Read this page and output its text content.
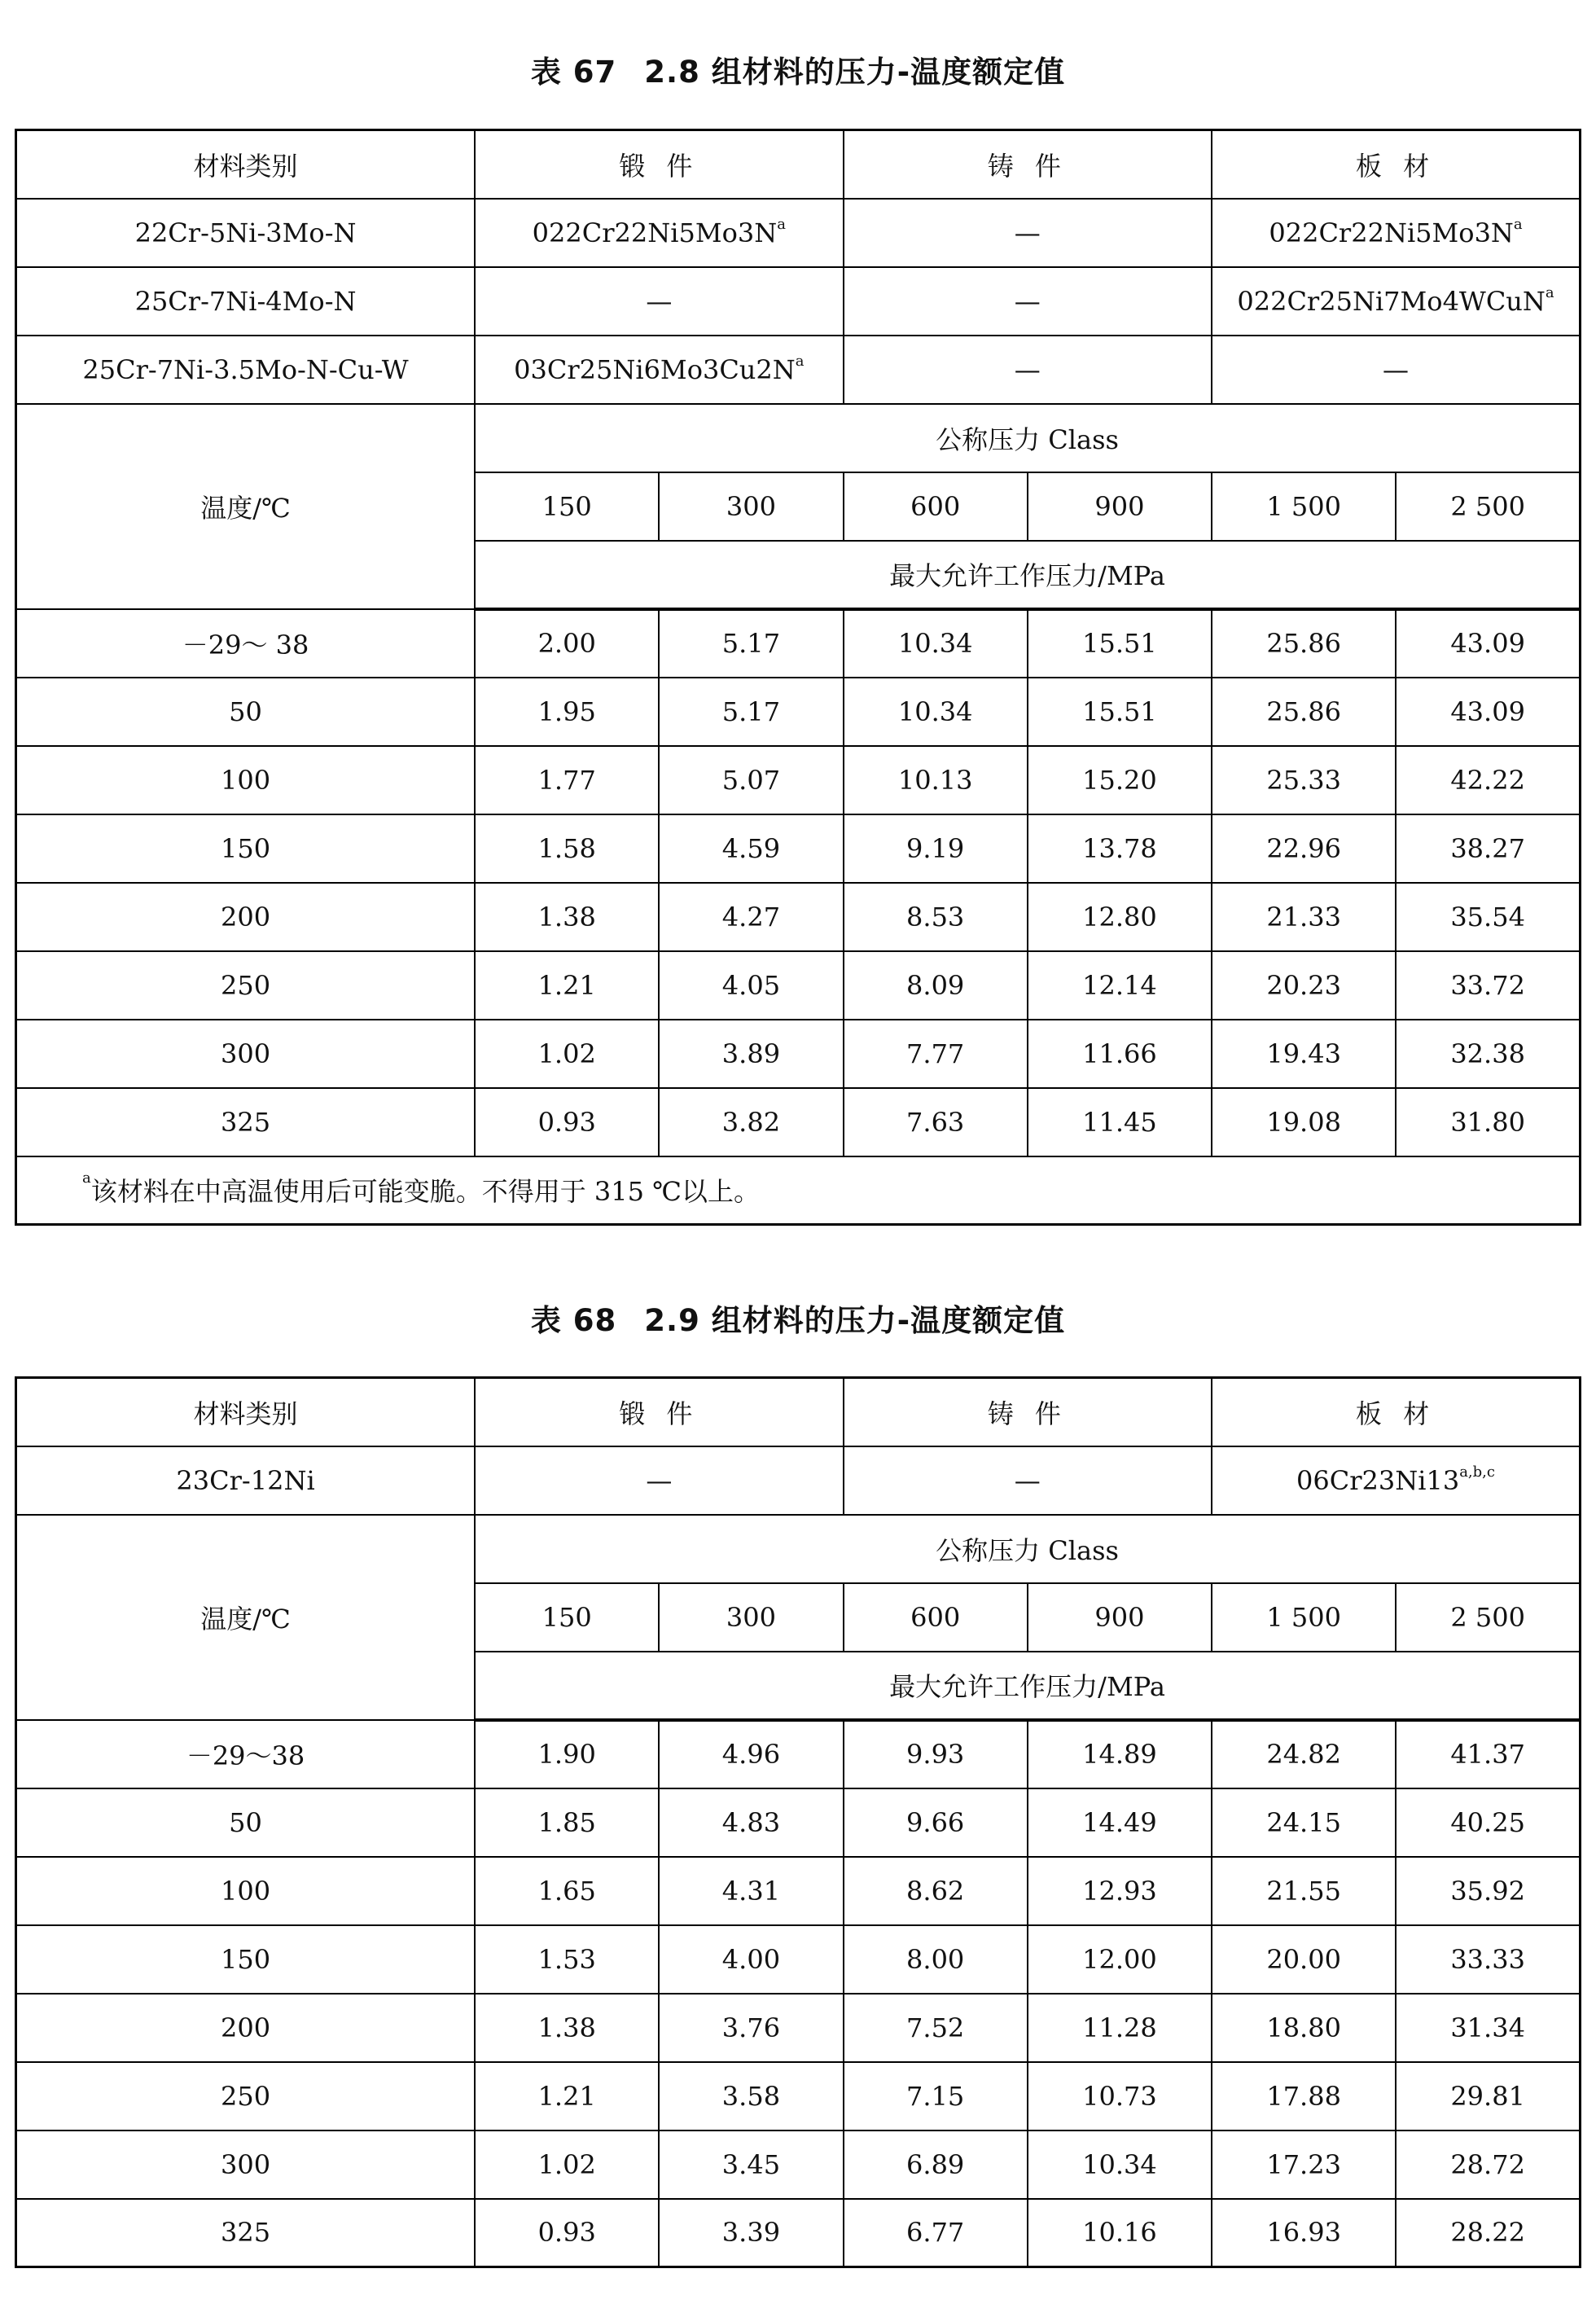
表 67 2.8 组材料的压力-温度额定值
材料类别	锻 件		铸 件		板 材	
22Cr-5Ni-3Mo-N	$022Cr22Ni5Mo3N^a$		—		$022Cr22Ni5Mo3N^a$
25Cr-7Ni-4Mo-N	—		—		022Cr25Ni7Mo4WCuN$^a$
25Cr-7Ni-3.5Mo-N-Cu-W	$03Cr25Ni6Mo3Cu2N^a$		—		—	
温度/℃	公称压力 Class					
	150	300	600	900	1 500	2 500
	最大允许工作压力/MPa					
－29～ 38	2.00	5.17	10.34	15.51	25.86	43.09
50	1.95	5.17	10.34	15.51	25.86	43.09
100	1.77	5.07	10.13	15.20	25.33	42.22
150	1.58	4.59	9.19	13.78	22.96	38.27
200	1.38	4.27	8.53	12.80	21.33	35.54
250	1.21	4.05	8.09	12.14	20.23	33.72
300	1.02	3.89	7.77	11.66	19.43	32.38
325	0.93	3.82	7.63	11.45	19.08	31.80
$^a$该材料在中高温使用后可能变脆。不得用于 315 ℃以上。						
表 68 2.9 组材料的压力-温度额定值
材料类别	锻 件		铸 件		板 材	
23Cr-12Ni	—		—		06Cr23Ni13$^{a,b,c}$
温度/℃	公称压力 Class					
	150	300	600	900	1 500	2 500
	最大允许工作压力/MPa					
－29～38	1.90	4.96	9.93	14.89	24.82	41.37
50	1.85	4.83	9.66	14.49	24.15	40.25
100	1.65	4.31	8.62	12.93	21.55	35.92
150	1.53	4.00	8.00	12.00	20.00	33.33
200	1.38	3.76	7.52	11.28	18.80	31.34
250	1.21	3.58	7.15	10.73	17.88	29.81
300	1.02	3.45	6.89	10.34	17.23	28.72
325	0.93	3.39	6.77	10.16	16.93	28.22
